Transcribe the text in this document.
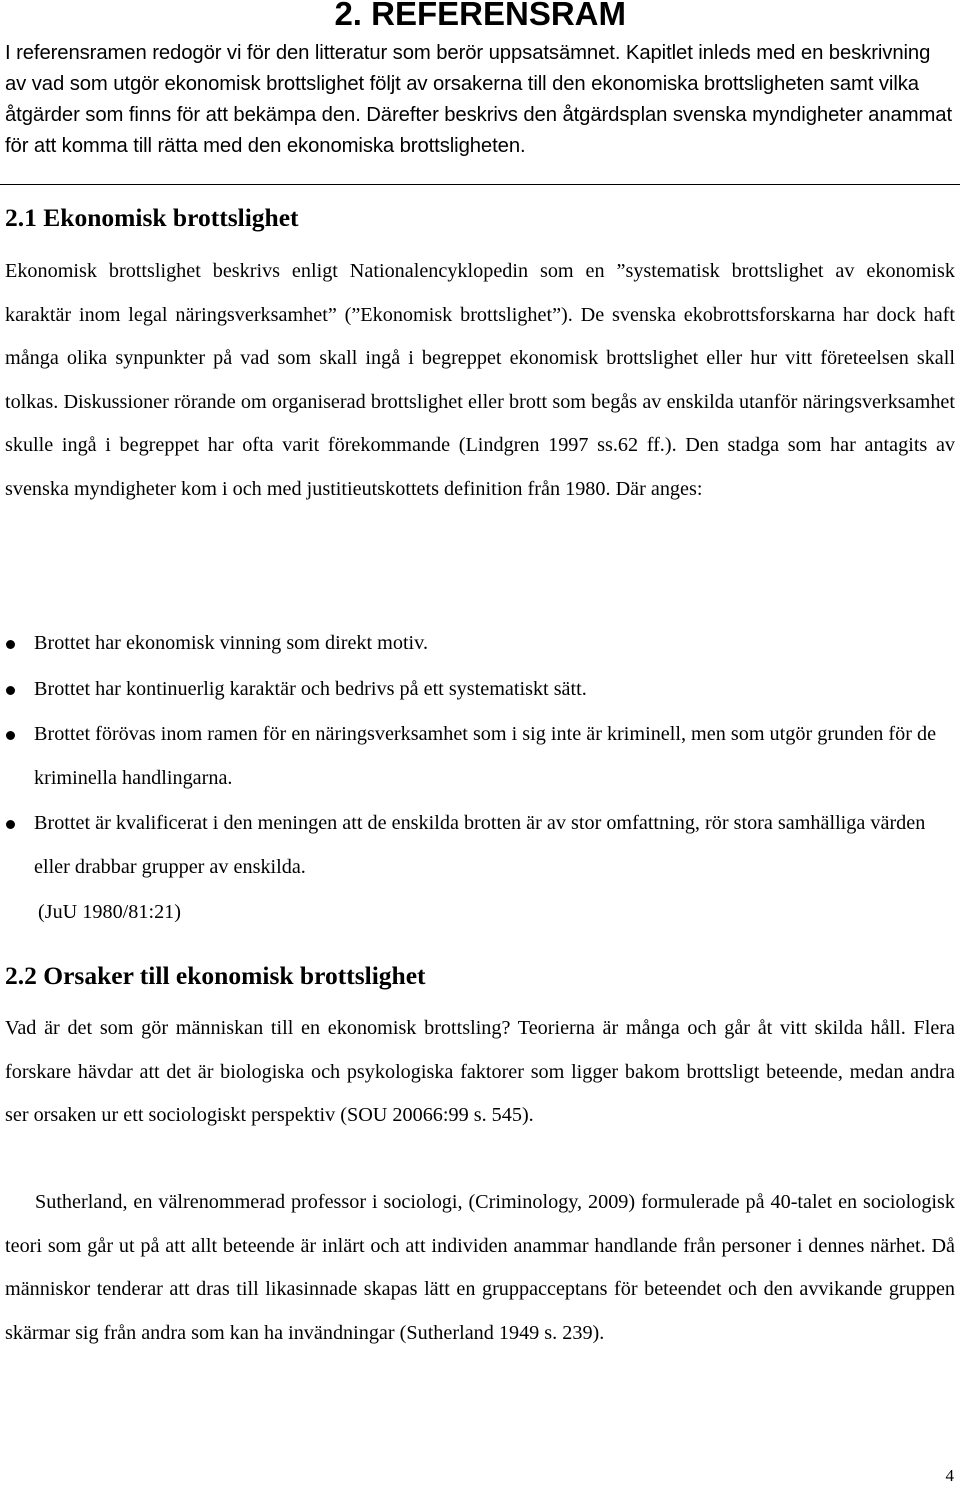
2. REFERENSRAM

I referensramen redogör vi för den litteratur som berör uppsatsämnet. Kapitlet inleds med en beskrivning av vad som utgör ekonomisk brottslighet följt av orsakerna till den ekonomiska brottsligheten samt vilka åtgärder som finns för att bekämpa den. Därefter beskrivs den åtgärdsplan svenska myndigheter anammat för att komma till rätta med den ekonomiska brottsligheten.

2.1 Ekonomisk brottslighet

Ekonomisk brottslighet beskrivs enligt Nationalencyklopedin som en ”systematisk brottslighet av ekonomisk karaktär inom legal näringsverksamhet” (”Ekonomisk brottslighet”). De svenska ekobrottsforskarna har dock haft många olika synpunkter på vad som skall ingå i begreppet ekonomisk brottslighet eller hur vitt företeelsen skall tolkas. Diskussioner rörande om organiserad brottslighet eller brott som begås av enskilda utanför näringsverksamhet skulle ingå i begreppet har ofta varit förekommande (Lindgren 1997 ss.62 ff.). Den stadga som har antagits av svenska myndigheter kom i och med justitieutskottets definition från 1980. Där anges:

Brottet har ekonomisk vinning som direkt motiv.
Brottet har kontinuerlig karaktär och bedrivs på ett systematiskt sätt.
Brottet förövas inom ramen för en näringsverksamhet som i sig inte är kriminell, men som utgör grunden för de kriminella handlingarna.
Brottet är kvalificerat i den meningen att de enskilda brotten är av stor omfattning, rör stora samhälliga värden eller drabbar grupper av enskilda.

(JuU 1980/81:21)

2.2 Orsaker till ekonomisk brottslighet

Vad är det som gör människan till en ekonomisk brottsling? Teorierna är många och går åt vitt skilda håll. Flera forskare hävdar att det är biologiska och psykologiska faktorer som ligger bakom brottsligt beteende, medan andra ser orsaken ur ett sociologiskt perspektiv (SOU 20066:99 s. 545).

Sutherland, en välrenommerad professor i sociologi, (Criminology, 2009) formulerade på 40-talet en sociologisk teori som går ut på att allt beteende är inlärt och att individen anammar handlande från personer i dennes närhet. Då människor tenderar att dras till likasinnade skapas lätt en gruppacceptans för beteendet och den avvikande gruppen skärmar sig från andra som kan ha invändningar (Sutherland 1949 s. 239).

4
